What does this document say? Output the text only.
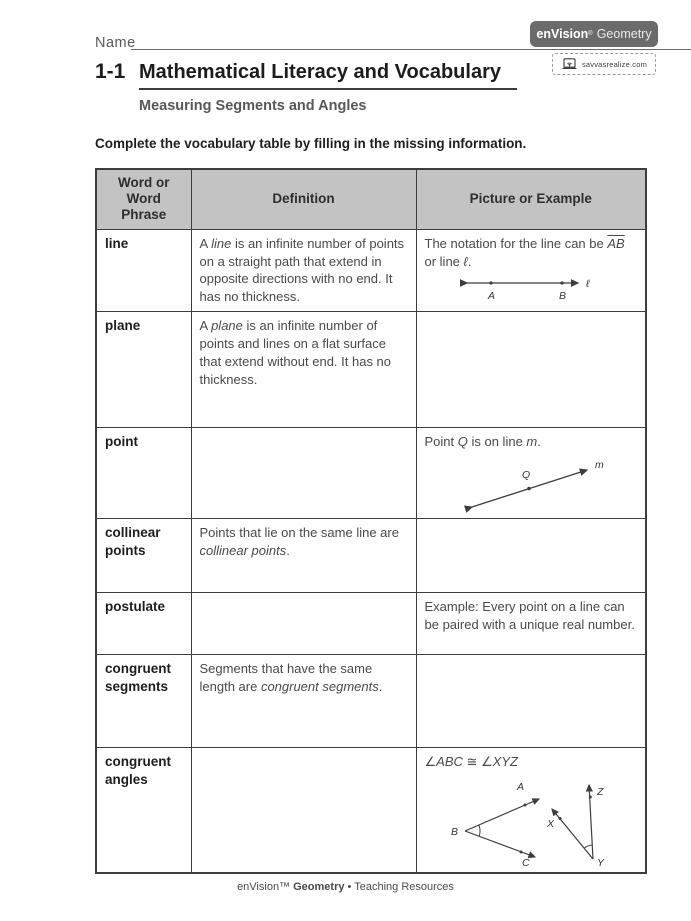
Name
enVision ® Geometry
savvasrealize.com
1-1 Mathematical Literacy and Vocabulary
Measuring Segments and Angles
Complete the vocabulary table by filling in the missing information.
Word or Word Phrase	Definition	Picture or Example
line	A line is an infinite number of points on a straight path that extend in opposite directions with no end. It has no thickness.	The notation for the line can be $\overline{AB}$ or line ℓ.
A B
ℓ

plane	A plane is an infinite number of points and lines on a flat surface that extend without end. It has no thickness.	
point		Point Q is on line m.
Q
m

collinear points	Points that lie on the same line are collinear points.	
postulate		Example: Every point on a line can be paired with a unique real number.
congruent segments	Segments that have the same length are congruent segments.	
congruent angles		∠ABC ≅ ∠XYZ
A
B
C
X
Y
Z
enVision™ Geometry • Teaching Resources
